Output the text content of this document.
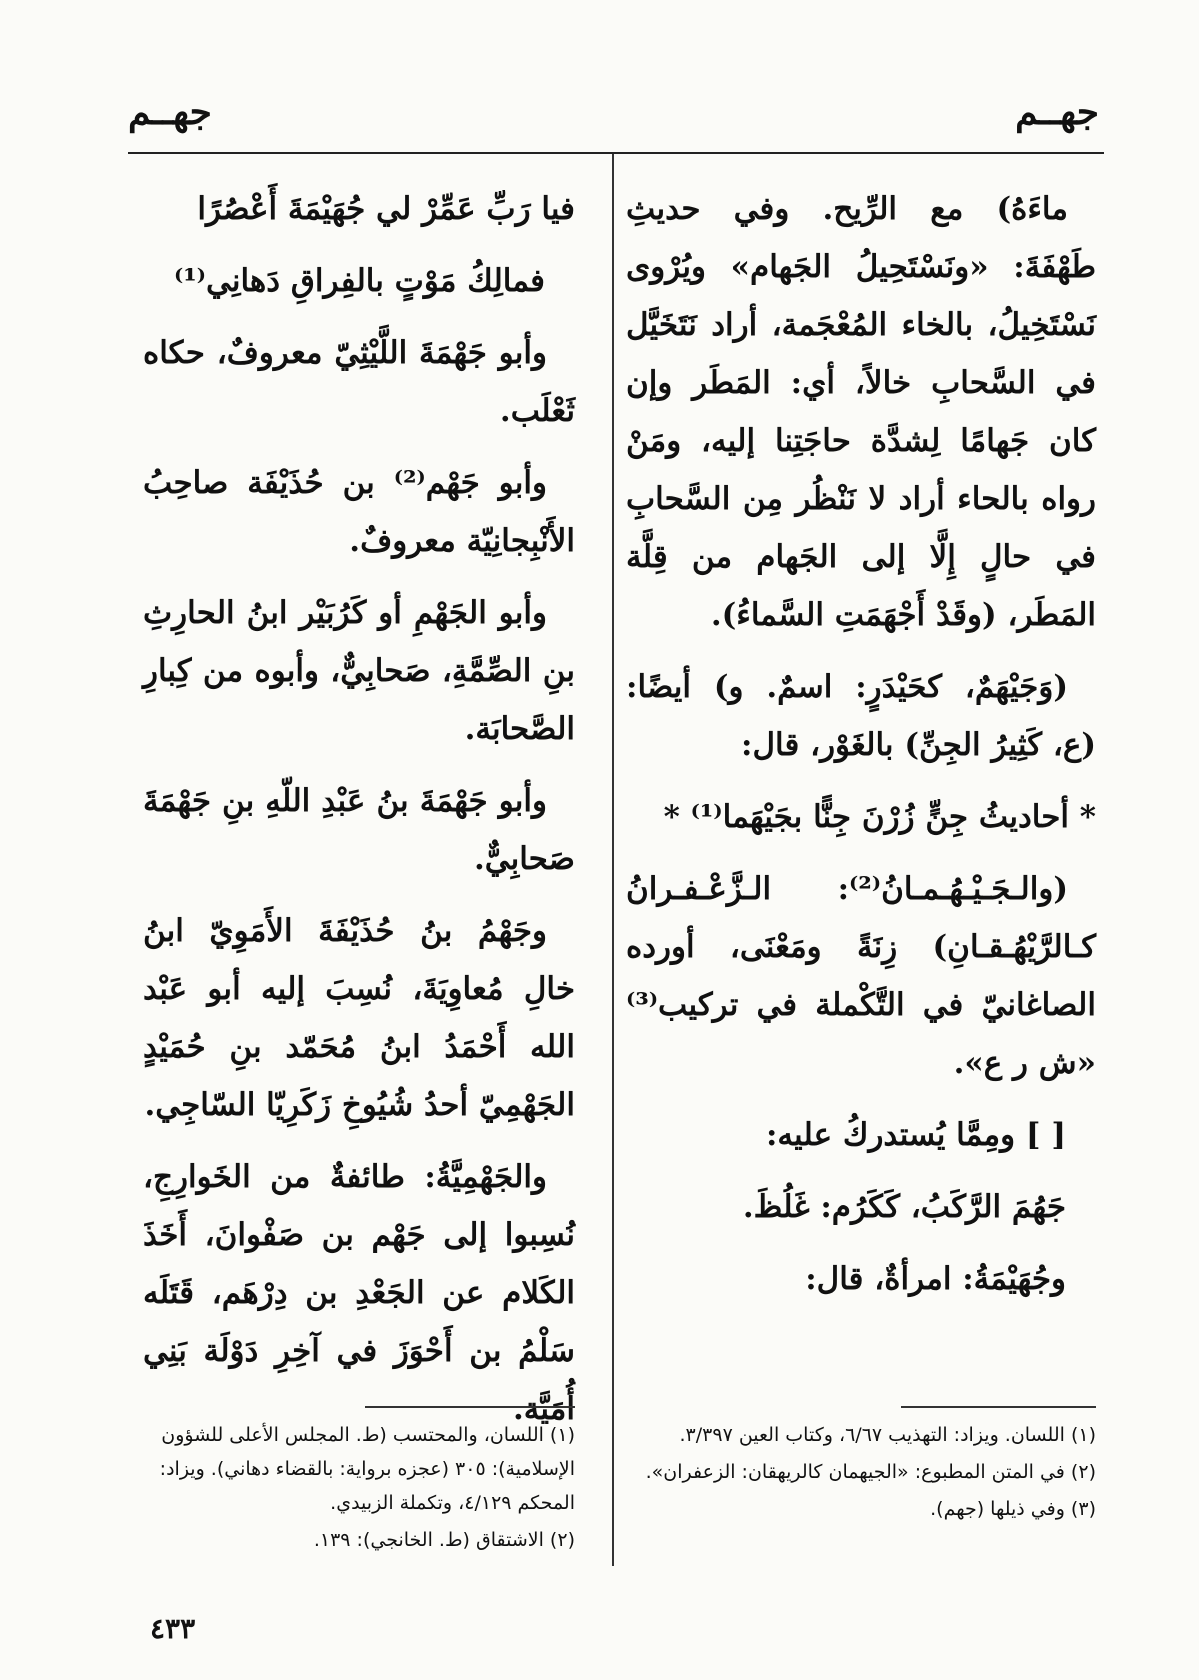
جهــم
جهــم

ماءَهُ) مع الرِّيح. وفي حديثِ طَهْفَةَ: «ونَسْتَحِيلُ الجَهام» ويُرْوى نَسْتَخِيلُ، بالخاء المُعْجَمة، أراد نَتَخَيَّل في السَّحابِ خالاً، أي: المَطَر وإن كان جَهامًا لِشدَّة حاجَتِنا إليه، ومَنْ رواه بالحاء أراد لا نَنْظُر مِن السَّحابِ في حالٍ إِلَّا إلى الجَهام من قِلَّة المَطَر، (وقَدْ أَجْهَمَتِ السَّماءُ).

(وَجَيْهَمٌ، كحَيْدَرٍ: اسمٌ. و) أيضًا: (ع، كَثِيرُ الجِنِّ) بالغَوْر، قال:

* أحاديثُ جِنٍّ زُرْنَ جِنًّا بجَيْهَما⁽¹⁾ *

(والـجَـيْـهُـمـانُ⁽²⁾: الـزَّعْـفـرانُ كـالرَّيْهُـقـانِ) زِنَةً ومَعْنَى، أورده الصاغانيّ في التَّكْملة في تركيب⁽³⁾ «ش ر ع».

[ ] ومِمَّا يُستدركُ عليه:

جَهُمَ الرَّكَبُ، كَكَرُم: غَلُظَ.

وجُهَيْمَةُ: امرأةٌ، قال:

فيا رَبِّ عَمِّرْ لي جُهَيْمَةَ أَعْصُرًا

فمالِكُ مَوْتٍ بالفِراقِ دَهانِي⁽¹⁾

وأبو جَهْمَةَ اللَّيْثِيّ معروفٌ، حكاه ثَعْلَب.

وأبو جَهْم⁽²⁾ بن حُذَيْفَة صاحِبُ الأَنْبِجانِيّة معروفٌ.

وأبو الجَهْمِ أو كَرُبَيْر ابنُ الحارِثِ بنِ الصِّمَّةِ، صَحابِيٌّ، وأبوه من كِبارِ الصَّحابَة.

وأبو جَهْمَةَ بنُ عَبْدِ اللّهِ بنِ جَهْمَةَ صَحابِيٌّ.

وجَهْمُ بنُ حُذَيْفَةَ الأَمَوِيّ ابنُ خالِ مُعاوِيَةَ، نُسِبَ إليه أبو عَبْد الله أَحْمَدُ ابنُ مُحَمّد بنِ حُمَيْدٍ الجَهْمِيّ أحدُ شُيُوخِ زَكَرِيّا السّاجِي.

والجَهْمِيَّةُ: طائفةٌ من الخَوارِجِ، نُسِبوا إلى جَهْم بن صَفْوانَ، أَخَذَ الكَلام عن الجَعْدِ بن دِرْهَم، قَتَلَه سَلْمُ بن أَحْوَزَ في آخِرِ دَوْلَة بَنِي أُمَيَّة.

(١) اللسان. ويزاد: التهذيب ٦/٦٧، وكتاب العين ٣/٣٩٧.
(٢) في المتن المطبوع: «الجيهمان كالريهقان: الزعفران».
(٣) وفي ذيلها (جهم).
(١) اللسان، والمحتسب (ط. المجلس الأعلى للشؤون الإسلامية): ٣٠٥ (عجزه برواية: بالقضاء دهاني). ويزاد: المحكم ٤/١٢٩، وتكملة الزبيدي.
(٢) الاشتقاق (ط. الخانجي): ١٣٩.
٤٣٣
